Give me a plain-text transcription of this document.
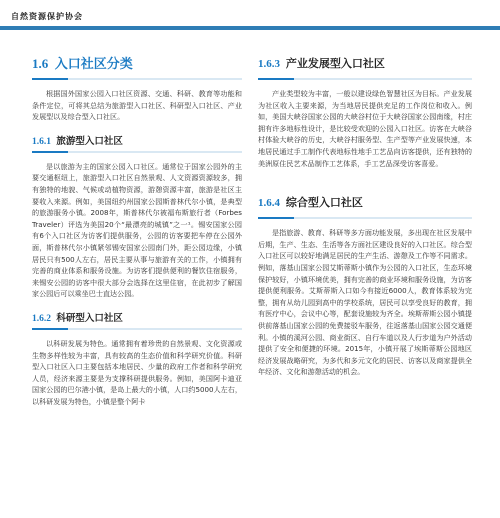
自然资源保护协会
1.6 入口社区分类

根据国外国家公园入口社区资源、交通、科研、教育等功能和条件定位，可将其总结为旅游型入口社区、科研型入口社区、产业发展型以及综合型入口社区。

1.6.1 旅游型入口社区

是以旅游为主的国家公园入口社区。通常位于国家公园外的主要交通枢纽上，旅游型入口社区自然景观、人文资源资源较多，拥有独特的地貌、气候或动植物资源，游憩资源丰富，旅游是社区主要收入来源。例如，美国纽约州国家公园斯普林代尔小镇，是典型的旅游服务小镇。2008年，斯普林代尔被福布斯旅行者（Forbes Traveler）评选为美国20个“最漂亮的城镇”之一¹。锡安国家公园有6个入口社区为访客们提供服务，公园的访客要把车停在公园外面，斯普林代尔小镇紧邻锡安国家公园南门外，距公园边缘，小镇居民只有500人左右，居民主要从事与旅游有关的工作，小镇拥有完善的商业体系和服务设施。为访客们提供便利的餐饮住宿服务，来锡安公园的访客中很大部分会选择在这里住宿，在此初步了解国家公园后可以乘坐巴士直达公园。

1.6.2 科研型入口社区

以科研发展为特色。通常拥有着珍贵的自然景观、文化资源或生物多样性较为丰富，具有较高的生态价值和科学研究价值。科研型入口社区入口主要包括本地居民、少量的政府工作者和科学研究人员，经济来源主要是为支撑科研提供服务。例如，美国阿卡迪亚国家公园的巴尔港小镇，是岛上最大的小镇，人口约5000人左右，以科研发展为特色，小镇是整个阿卡

1.6.3 产业发展型入口社区

产业类型较为丰富，一般以建设绿色智慧社区为目标。产业发展为社区收入主要来源，为当地居民提供充足的工作岗位和收入。例如，美国大峡谷国家公园的大峡谷村位于大峡谷国家公园南缘，村庄拥有许多地标性设计，是比较受欢迎的公园入口社区。访客在大峡谷村体验大峡谷的历史，大峡谷村服务型、生产型等产业发展快速，本地居民通过手工制作代表地标性地手工艺品向访客提供，还有独特的美洲原住民艺术品制作工艺体系，手工艺品深受访客喜爱。

1.6.4 综合型入口社区

是指旅游、教育、科研等多方面功能发展，多出现在社区发展中后期，生产、生态、生活等各方面社区建设良好的入口社区。综合型入口社区可以较好地满足居民的生产生活、游憩及工作等不同需求。例如，落基山国家公园艾斯蒂斯小镇作为公园的入口社区，生态环境保护较好，小镇环境优美，拥有完善的商业环境和服务设施，为访客提供便利服务。艾斯蒂斯入口如今有接近6000人，教育体系较为完整，拥有从幼儿园到高中的学校系统，居民可以享受良好的教育，拥有医疗中心，会议中心等，配套设施较为齐全。埃斯蒂斯公园小镇提供前落基山国家公园的免费接驳车服务，往返落基山国家公园交通便利。小镇的溪河公园、商业街区、自行车道以及人行步道为户外活动提供了安全和便捷的环境。2015年，小镇开展了埃斯蒂斯公园地区经济发展战略研究，为多代和多元文化的居民、访客以及商家提供全年经济、文化和游憩活动的机会。
